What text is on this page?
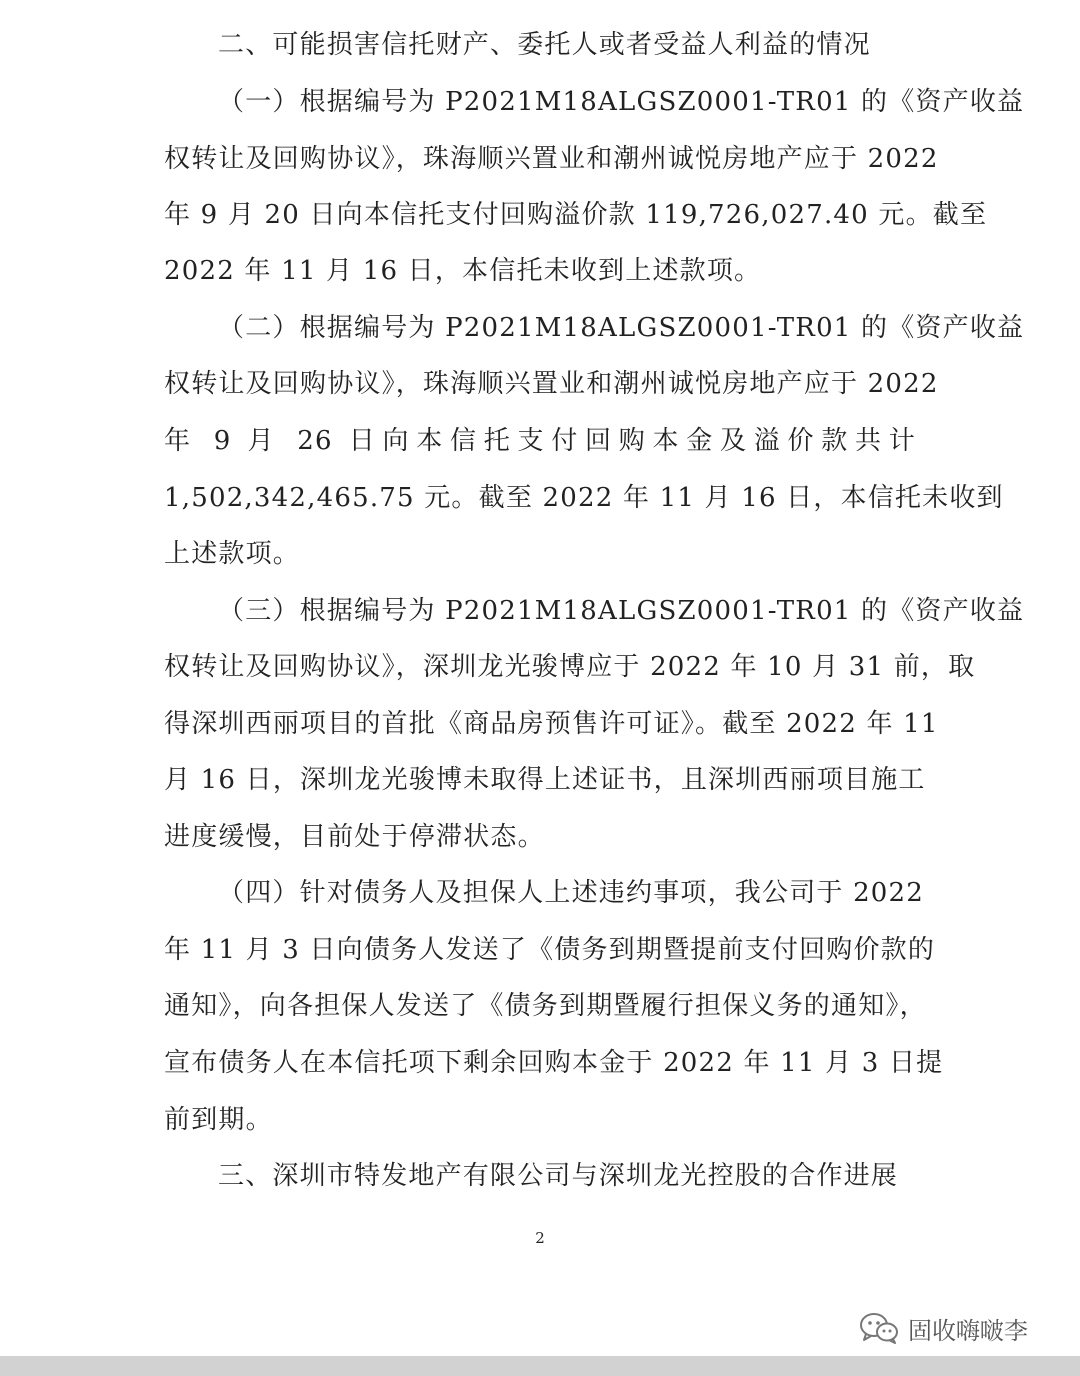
二、可能损害信托财产、委托人或者受益人利益的情况
（一）根据编号为 P2021M18ALGSZ0001-TR01 的《资产收益
权转让及回购协议》，珠海顺兴置业和潮州诚悦房地产应于 2022
年 9 月 20 日向本信托支付回购溢价款 119,726,027.40 元。截至
2022 年 11 月 16 日，本信托未收到上述款项。
（二）根据编号为 P2021M18ALGSZ0001-TR01 的《资产收益
权转让及回购协议》，珠海顺兴置业和潮州诚悦房地产应于 2022
年 9 月 26 日向本信托支付回购本金及溢价款共计
1,502,342,465.75 元。截至 2022 年 11 月 16 日，本信托未收到
上述款项。
（三）根据编号为 P2021M18ALGSZ0001-TR01 的《资产收益
权转让及回购协议》，深圳龙光骏博应于 2022 年 10 月 31 前，取
得深圳西丽项目的首批《商品房预售许可证》。截至 2022 年 11
月 16 日，深圳龙光骏博未取得上述证书，且深圳西丽项目施工
进度缓慢，目前处于停滞状态。
（四）针对债务人及担保人上述违约事项，我公司于 2022
年 11 月 3 日向债务人发送了《债务到期暨提前支付回购价款的
通知》，向各担保人发送了《债务到期暨履行担保义务的通知》，
宣布债务人在本信托项下剩余回购本金于 2022 年 11 月 3 日提
前到期。
三、深圳市特发地产有限公司与深圳龙光控股的合作进展
2
固收嗨啵李
